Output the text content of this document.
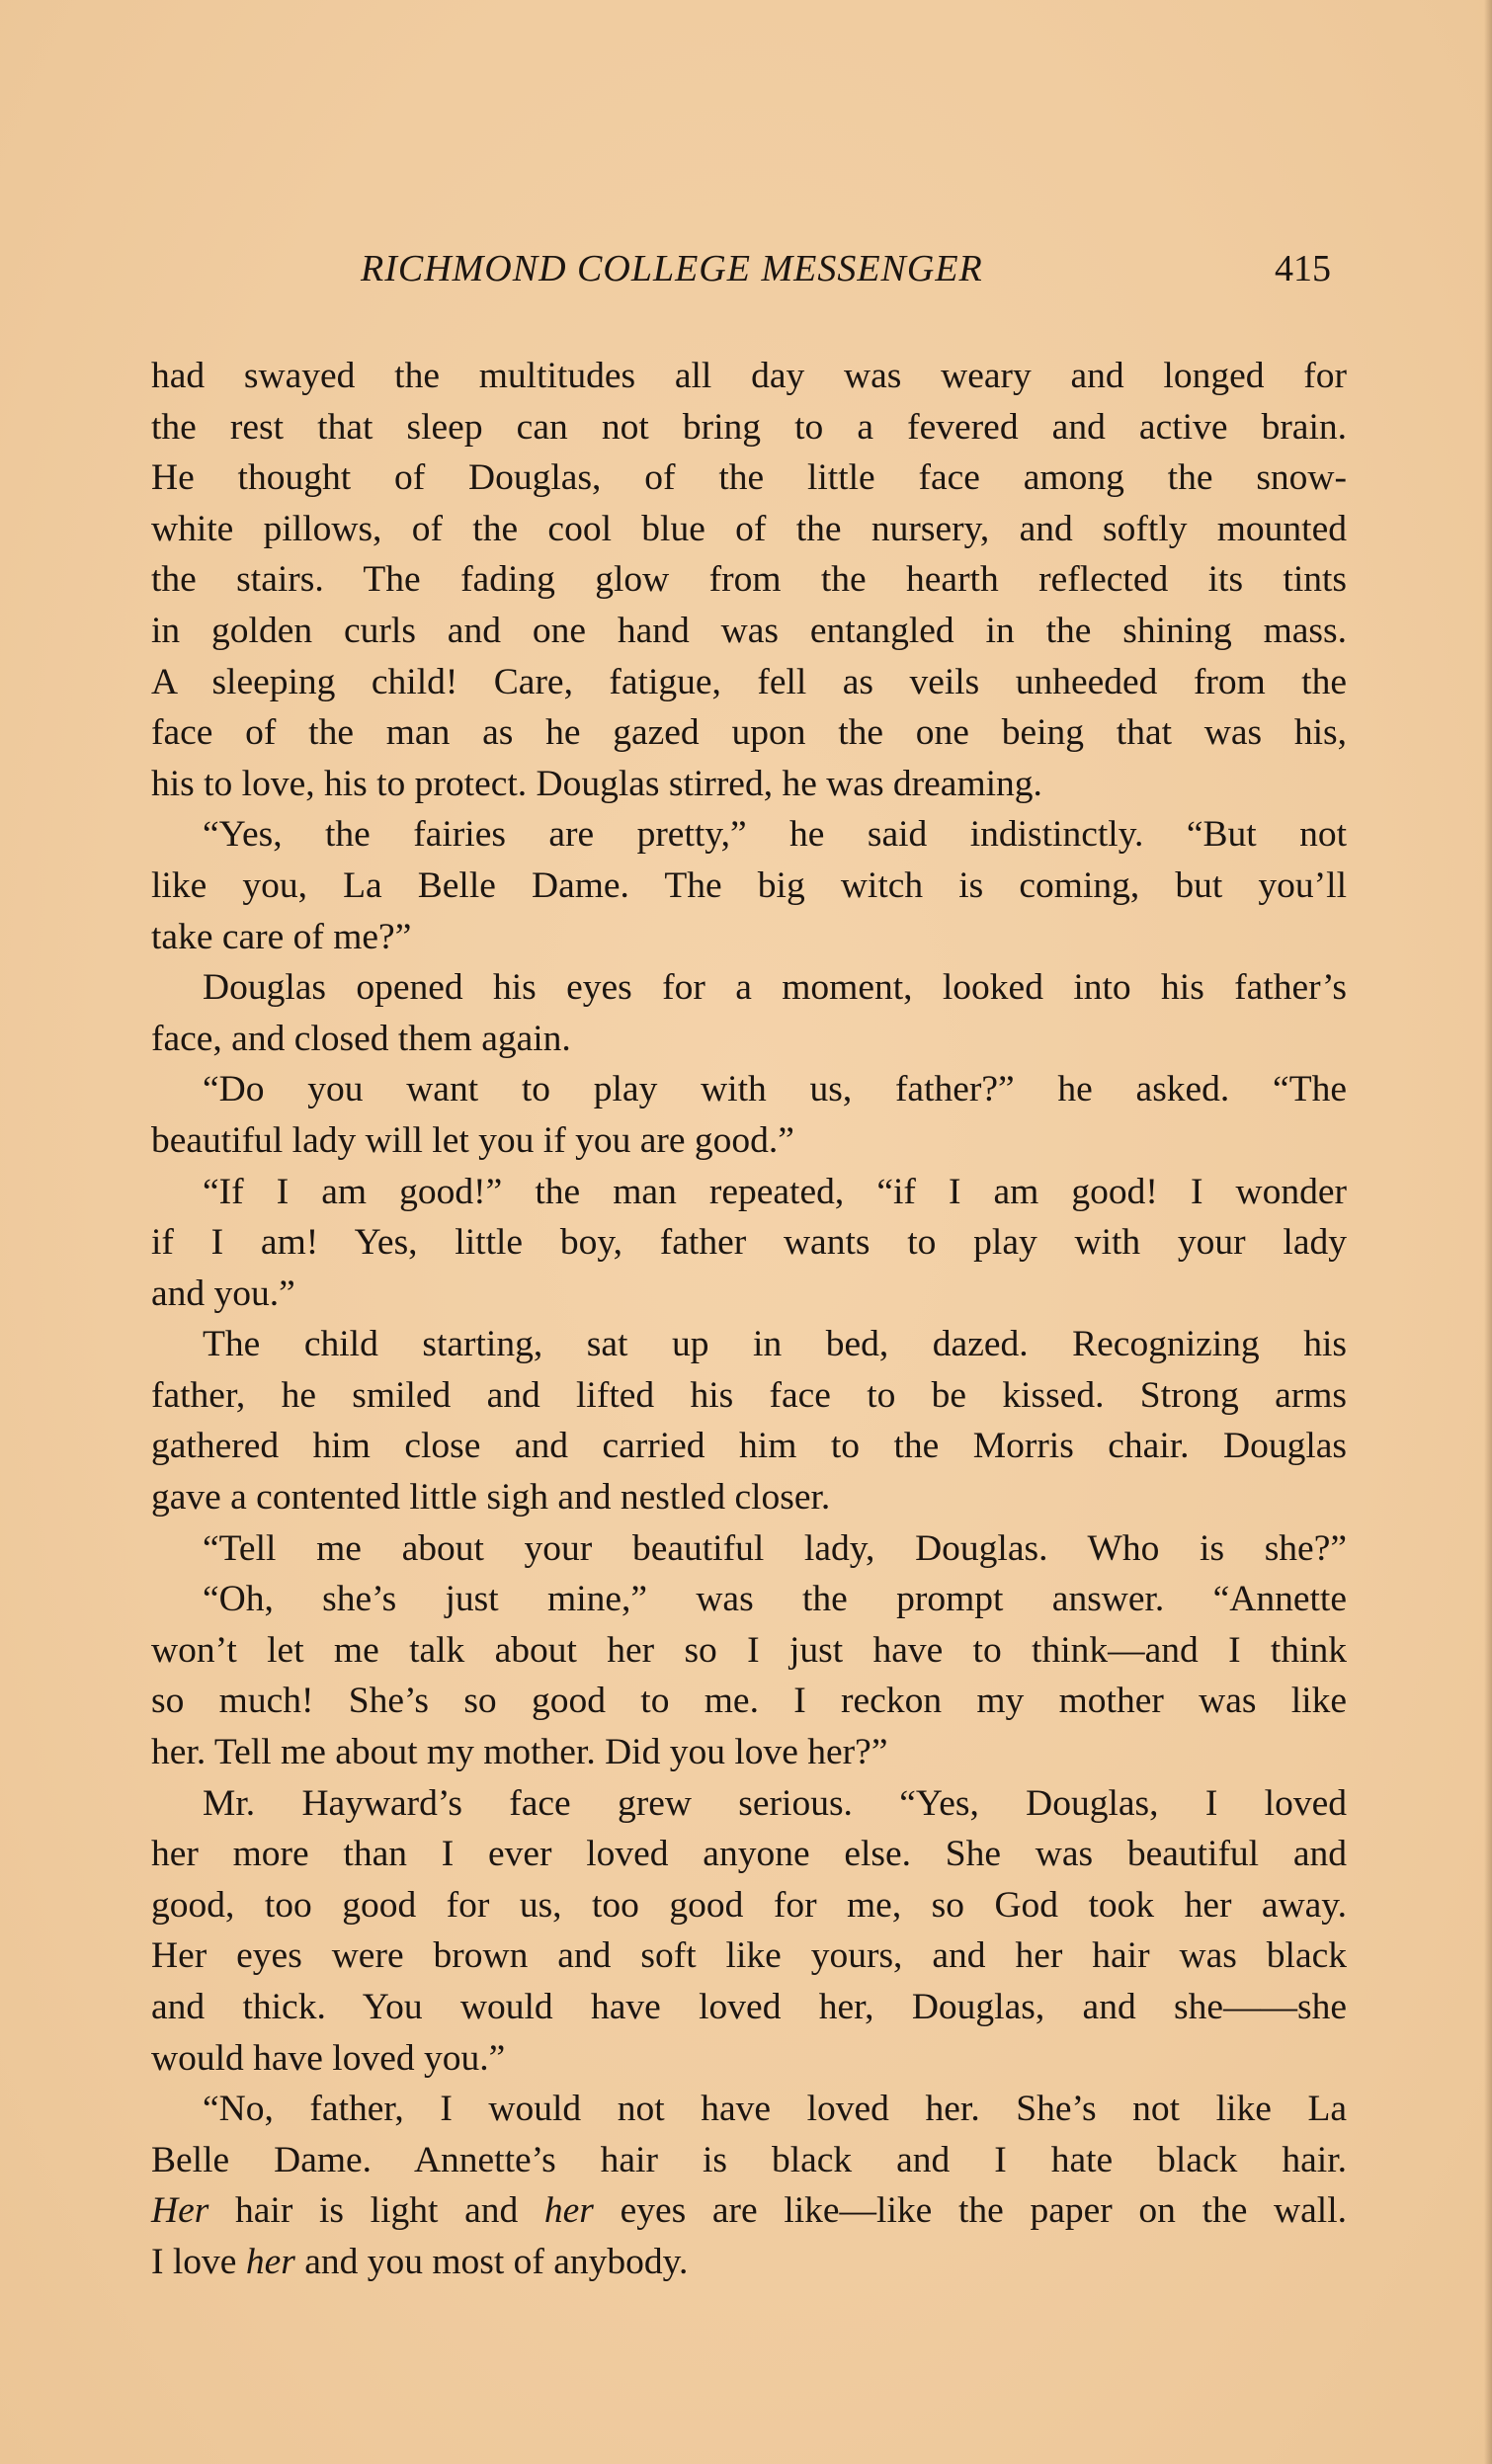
RICHMOND COLLEGE MESSENGER	415
had swayed the multitudes all day was weary and longed for
the rest that sleep can not bring to a fevered and active brain.
He thought of Douglas, of the little face among the snow-
white pillows, of the cool blue of the nursery, and softly mounted
the stairs. The fading glow from the hearth reflected its tints
in golden curls and one hand was entangled in the shining mass.
A sleeping child! Care, fatigue, fell as veils unheeded from the
face of the man as he gazed upon the one being that was his,
his to love, his to protect. Douglas stirred, he was dreaming.
“Yes, the fairies are pretty,” he said indistinctly. “But not
like you, La Belle Dame. The big witch is coming, but you’ll
take care of me?”
Douglas opened his eyes for a moment, looked into his father’s
face, and closed them again.
“Do you want to play with us, father?” he asked. “The
beautiful lady will let you if you are good.”
“If I am good!” the man repeated, “if I am good! I wonder
if I am! Yes, little boy, father wants to play with your lady
and you.”
The child starting, sat up in bed, dazed. Recognizing his
father, he smiled and lifted his face to be kissed. Strong arms
gathered him close and carried him to the Morris chair. Douglas
gave a contented little sigh and nestled closer.
“Tell me about your beautiful lady, Douglas. Who is she?”
“Oh, she’s just mine,” was the prompt answer. “Annette
won’t let me talk about her so I just have to think—and I think
so much! She’s so good to me. I reckon my mother was like
her. Tell me about my mother. Did you love her?”
Mr. Hayward’s face grew serious. “Yes, Douglas, I loved
her more than I ever loved anyone else. She was beautiful and
good, too good for us, too good for me, so God took her away.
Her eyes were brown and soft like yours, and her hair was black
and thick. You would have loved her, Douglas, and she——she
would have loved you.”
“No, father, I would not have loved her. She’s not like La
Belle Dame. Annette’s hair is black and I hate black hair.
Her hair is light and her eyes are like—like the paper on the wall.
I love her and you most of anybody.
